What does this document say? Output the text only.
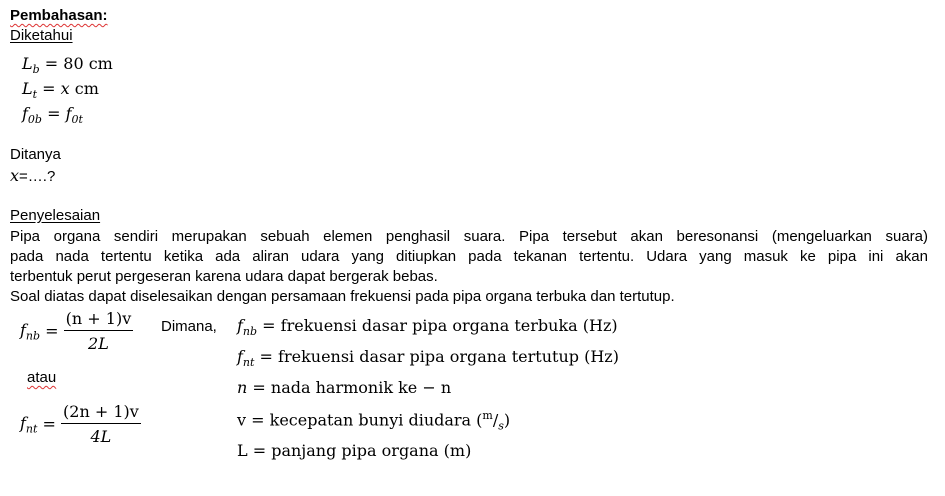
Pembahasan:
Diketahui
$L_b = 80$ cm
$L_t = x$ cm
$f_{0b} = f_{0t}$
Ditanya
x=….?
Penyelesaian
Pipa organa sendiri merupakan sebuah elemen penghasil suara. Pipa tersebut akan beresonansi (mengeluarkan suara)
pada nada tertentu ketika ada aliran udara yang ditiupkan pada tekanan tertentu. Udara yang masuk ke pipa ini akan
terbentuk perut pergeseran karena udara dapat bergerak bebas.
Soal diatas dapat diselesaikan dengan persamaan frekuensi pada pipa organa terbuka dan tertutup.
$f_{nb} = \frac{(n + 1)v}{2L}$
atau
$f_{nt} = \frac{(2n + 1)v}{4L}$
Dimana, $f_{nb}$ = frekuensi dasar pipa organa terbuka (Hz)
$f_{nt}$ = frekuensi dasar pipa organa tertutup (Hz)
n = nada harmonik ke − n
v = kecepatan bunyi diudara $(^m/_s)$
L = panjang pipa organa (m)
